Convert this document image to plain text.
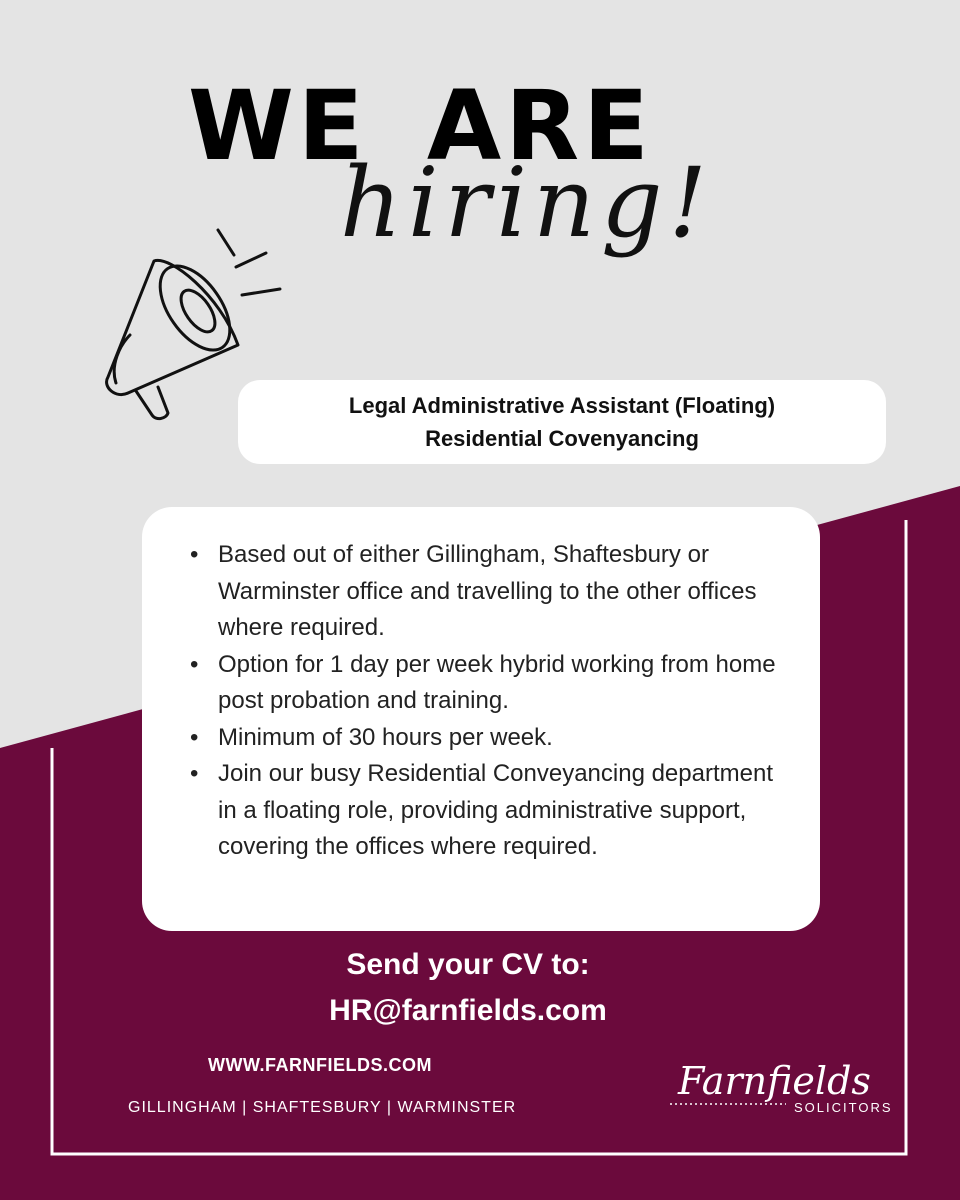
WE ARE
hiring!
Legal Administrative Assistant (Floating)
Residential Covenyancing
• Based out of either Gillingham, Shaftesbury or Warminster office and travelling to the other offices where required.
• Option for 1 day per week hybrid working from home post probation and training.
• Minimum of 30 hours per week.
• Join our busy Residential Conveyancing department in a floating role, providing administrative support, covering the offices where required.
Send your CV to:
HR@farnfields.com
WWW.FARNFIELDS.COM
GILLINGHAM | SHAFTESBURY | WARMINSTER
Farnfields
SOLICITORS
